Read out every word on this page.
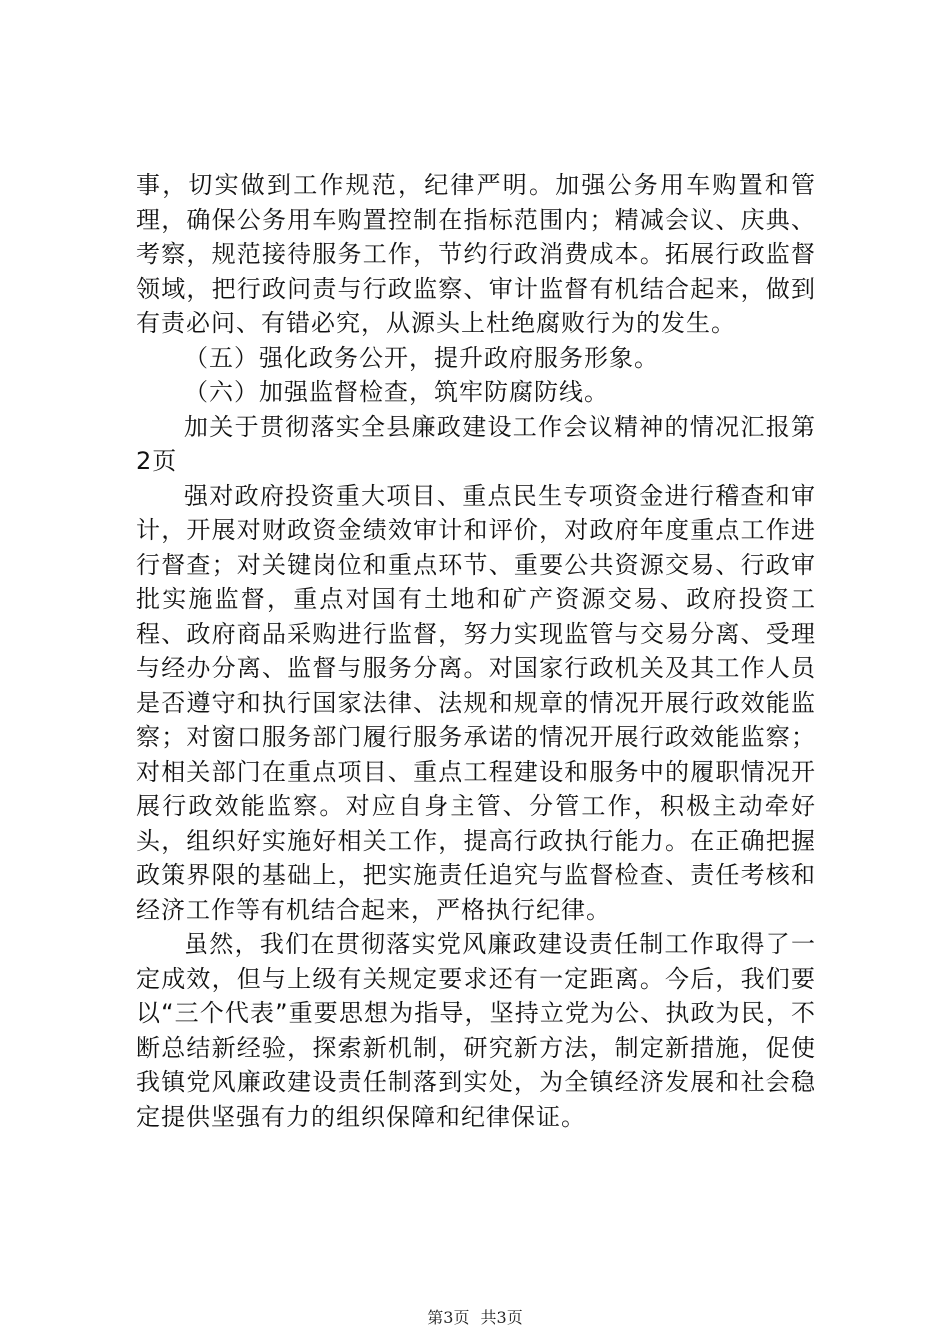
事，切实做到工作规范，纪律严明。加强公务用车购置和管理，确保公务用车购置控制在指标范围内；精减会议、庆典、考察，规范接待服务工作，节约行政消费成本。拓展行政监督领域，把行政问责与行政监察、审计监督有机结合起来，做到有责必问、有错必究，从源头上杜绝腐败行为的发生。

（五）强化政务公开，提升政府服务形象。

（六）加强监督检查，筑牢防腐防线。

加关于贯彻落实全县廉政建设工作会议精神的情况汇报第2页

强对政府投资重大项目、重点民生专项资金进行稽查和审计，开展对财政资金绩效审计和评价，对政府年度重点工作进行督查；对关键岗位和重点环节、重要公共资源交易、行政审批实施监督，重点对国有土地和矿产资源交易、政府投资工程、政府商品采购进行监督，努力实现监管与交易分离、受理与经办分离、监督与服务分离。对国家行政机关及其工作人员是否遵守和执行国家法律、法规和规章的情况开展行政效能监察；对窗口服务部门履行服务承诺的情况开展行政效能监察；对相关部门在重点项目、重点工程建设和服务中的履职情况开展行政效能监察。对应自身主管、分管工作，积极主动牵好头，组织好实施好相关工作，提高行政执行能力。在正确把握政策界限的基础上，把实施责任追究与监督检查、责任考核和经济工作等有机结合起来，严格执行纪律。

虽然，我们在贯彻落实党风廉政建设责任制工作取得了一定成效，但与上级有关规定要求还有一定距离。今后，我们要以“三个代表”重要思想为指导，坚持立党为公、执政为民，不断总结新经验，探索新机制，研究新方法，制定新措施，促使我镇党风廉政建设责任制落到实处，为全镇经济发展和社会稳定提供坚强有力的组织保障和纪律保证。

第3页 共3页
